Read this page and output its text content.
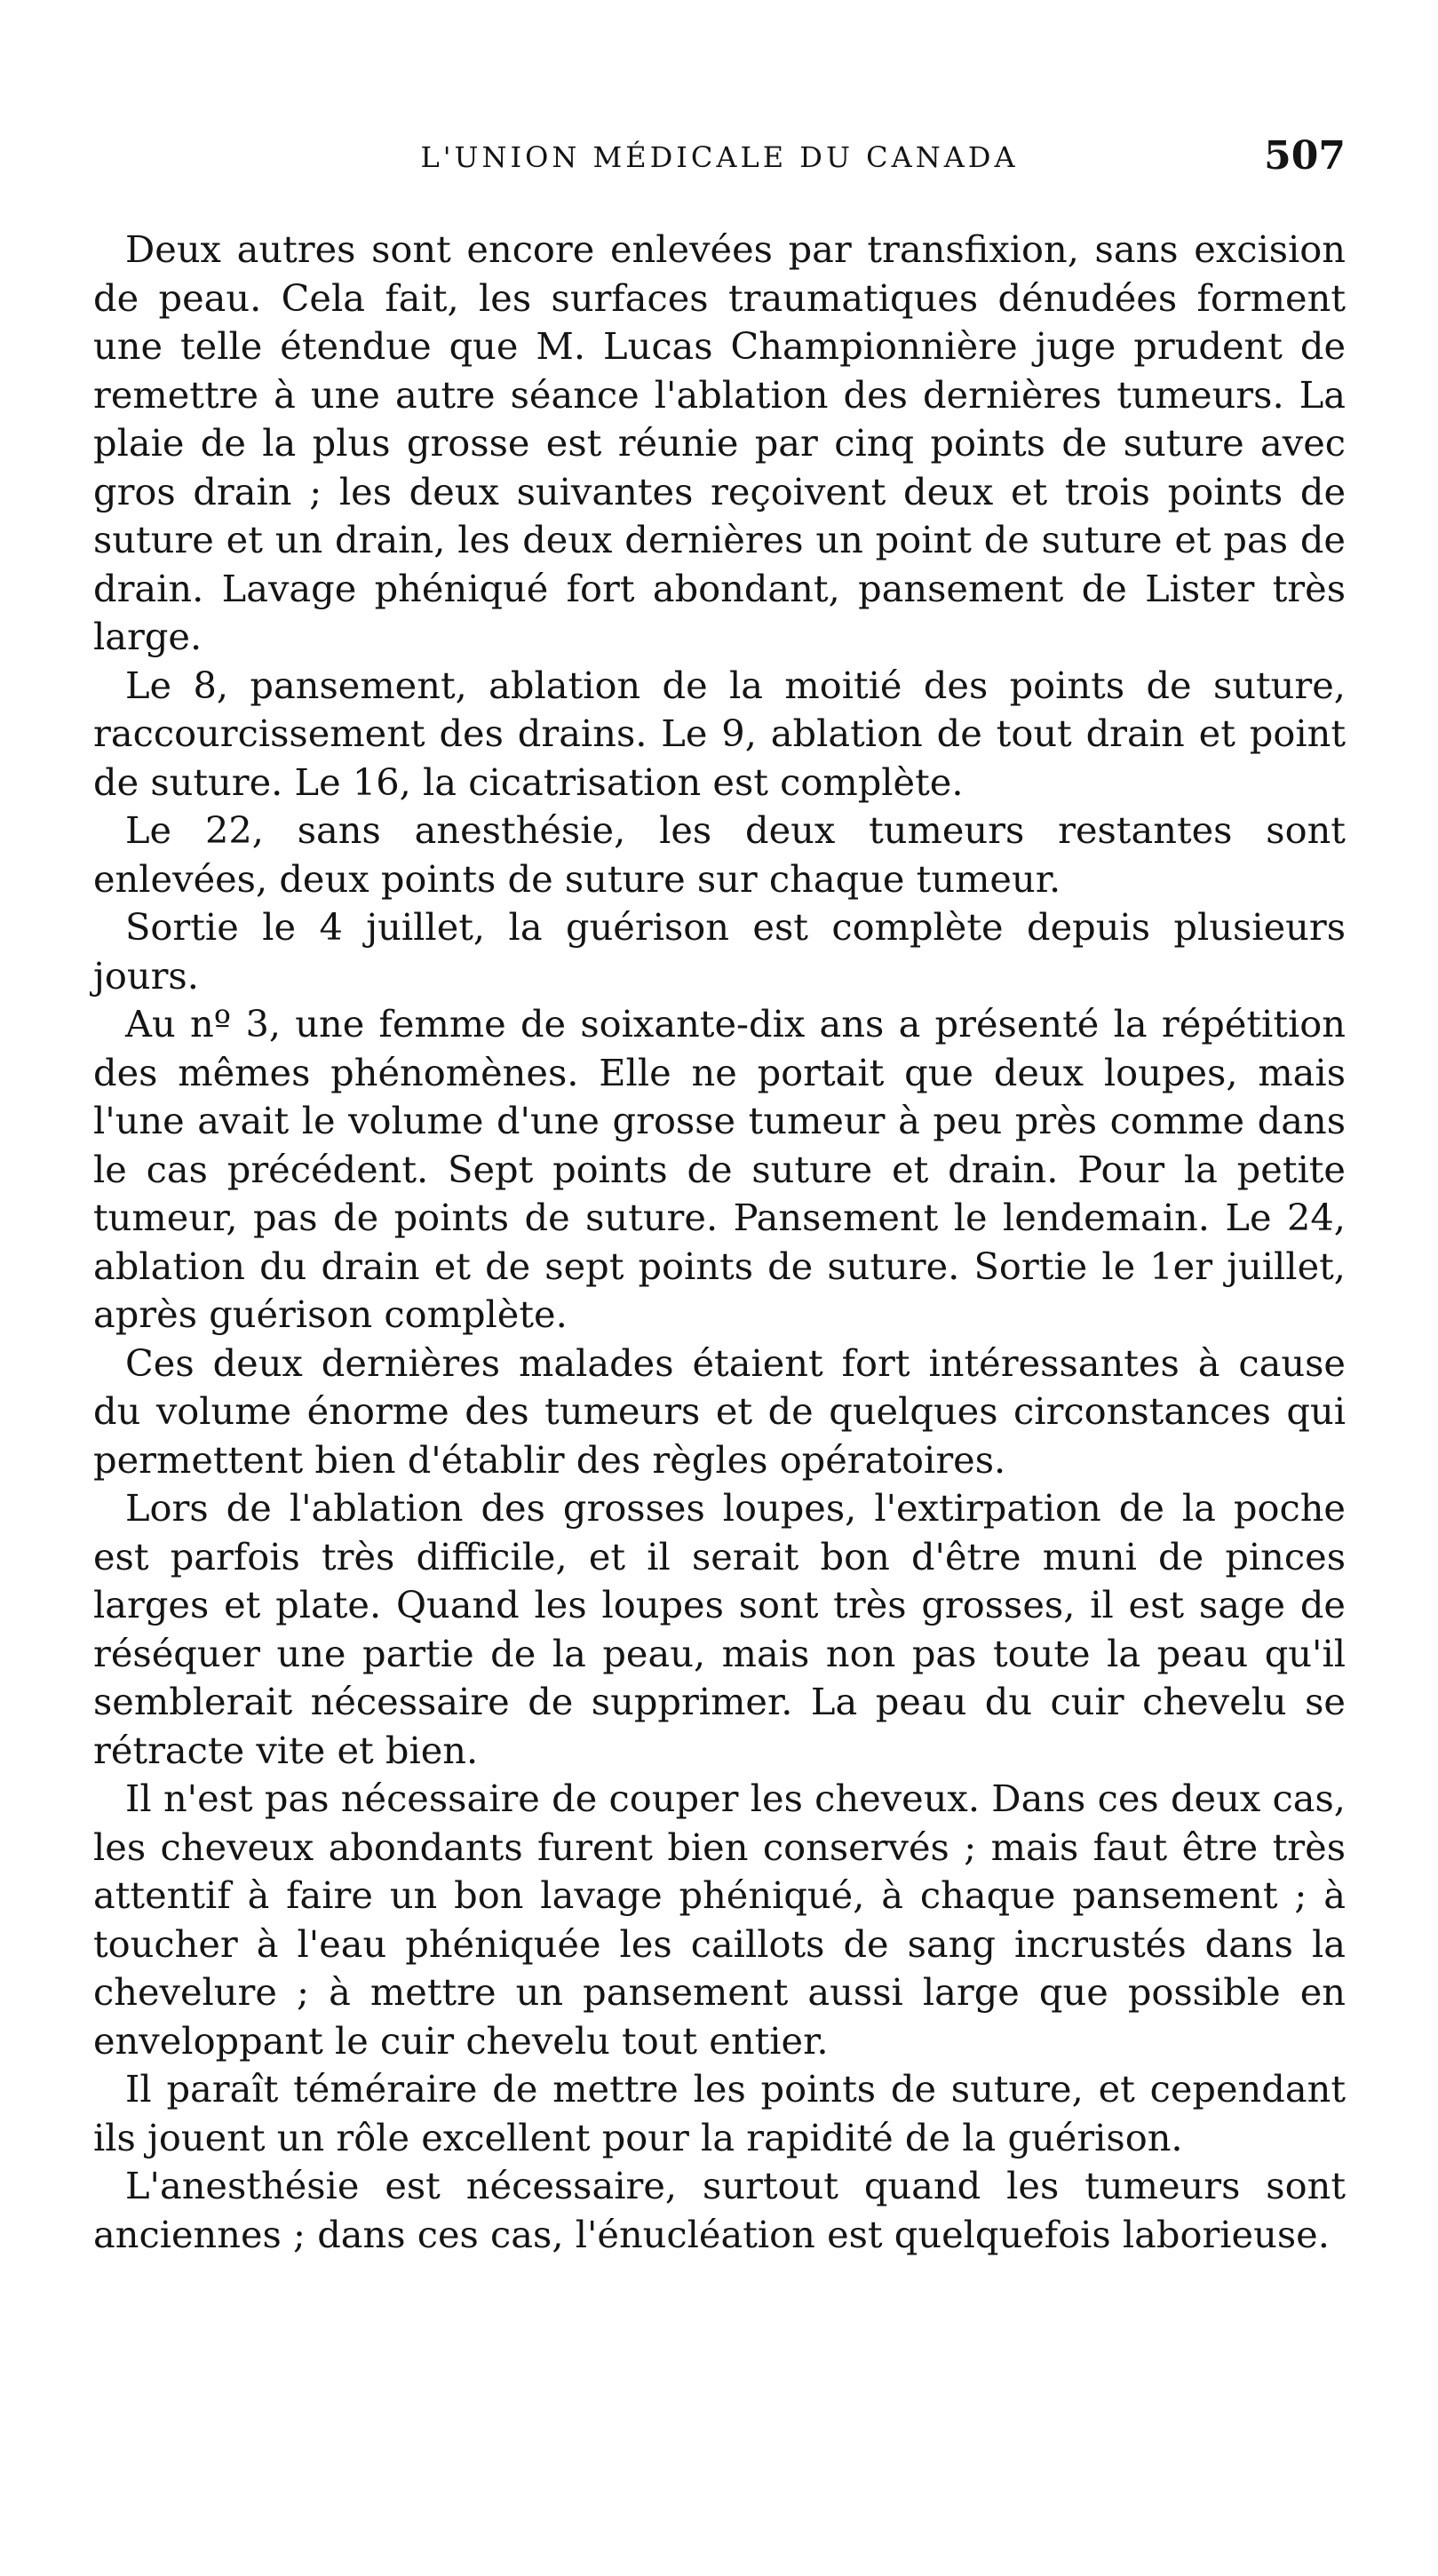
L'UNION MÉDICALE DU CANADA	507

Deux autres sont encore enlevées par transfixion, sans excision de peau. Cela fait, les surfaces traumatiques dénudées forment une telle étendue que M. Lucas Championnière juge prudent de remettre à une autre séance l'ablation des dernières tumeurs. La plaie de la plus grosse est réunie par cinq points de suture avec gros drain ; les deux suivantes reçoivent deux et trois points de suture et un drain, les deux dernières un point de suture et pas de drain. Lavage phéniqué fort abondant, pansement de Lister très large.

Le 8, pansement, ablation de la moitié des points de suture, raccourcissement des drains. Le 9, ablation de tout drain et point de suture. Le 16, la cicatrisation est complète.

Le 22, sans anesthésie, les deux tumeurs restantes sont enlevées, deux points de suture sur chaque tumeur.

Sortie le 4 juillet, la guérison est complète depuis plusieurs jours.

Au nº 3, une femme de soixante-dix ans a présenté la répétition des mêmes phénomènes. Elle ne portait que deux loupes, mais l'une avait le volume d'une grosse tumeur à peu près comme dans le cas précédent. Sept points de suture et drain. Pour la petite tumeur, pas de points de suture. Pansement le lendemain. Le 24, ablation du drain et de sept points de suture. Sortie le 1er juillet, après guérison complète.

Ces deux dernières malades étaient fort intéressantes à cause du volume énorme des tumeurs et de quelques circonstances qui permettent bien d'établir des règles opératoires.

Lors de l'ablation des grosses loupes, l'extirpation de la poche est parfois très difficile, et il serait bon d'être muni de pinces larges et plate. Quand les loupes sont très grosses, il est sage de réséquer une partie de la peau, mais non pas toute la peau qu'il semblerait nécessaire de supprimer. La peau du cuir chevelu se rétracte vite et bien.

Il n'est pas nécessaire de couper les cheveux. Dans ces deux cas, les cheveux abondants furent bien conservés ; mais faut être très attentif à faire un bon lavage phéniqué, à chaque pansement ; à toucher à l'eau phéniquée les caillots de sang incrustés dans la chevelure ; à mettre un pansement aussi large que possible en enveloppant le cuir chevelu tout entier.

Il paraît téméraire de mettre les points de suture, et cependant ils jouent un rôle excellent pour la rapidité de la guérison.

L'anesthésie est nécessaire, surtout quand les tumeurs sont anciennes ; dans ces cas, l'énucléation est quelquefois laborieuse.
